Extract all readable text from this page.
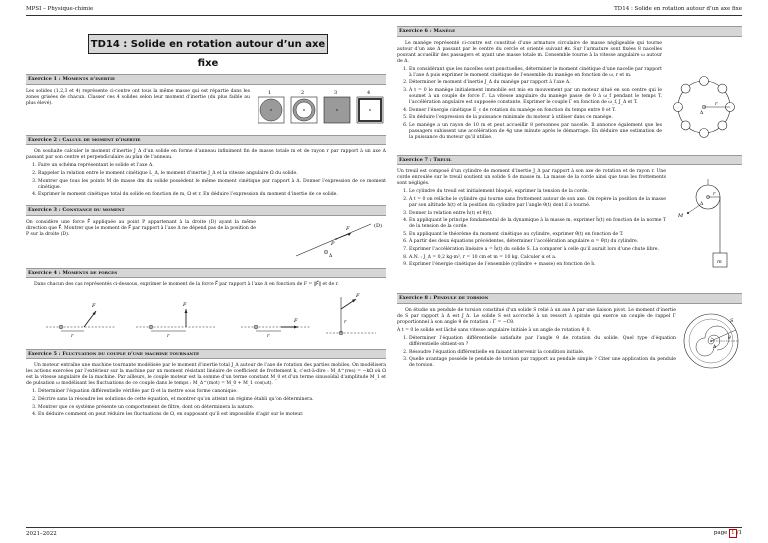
MPSI – Physique-chimie	TD14 : Solide en rotation autour d’un axe fixe
TD14 : Solide en rotation autour d’un axe fixe
Exercice 1 : Moments d’inertie

Les solides (1,2,3 et 4) représente ci-contre ont tous la même masse qui est répartie dans les zones grisées de chacun. Classer ces 4 solides selon leur moment d’inertie (du plus faible au plus élevé).

1	2	3	4
Exercice 2 : Calcul de moment d’inertie

On souhaite calculer le moment d’inertie J_Δ d’un solide en forme d’anneau infiniment fin de masse totale m et de rayon r par rapport à un axe Δ passant par son centre et perpendiculaire au plan de l’anneau.

1. Faire un schéma représentant le solide et l’axe Δ.
2. Rappeler la relation entre le moment cinétique L_Δ, le moment d’inertie J_Δ et la vitesse angulaire Ω du solide.
3. Montrer que tous les points M de masse dm du solide possèdent le même moment cinétique par rapport à Δ. Donner l’expression de ce moment cinétique.
4. Exprimer le moment cinétique total du solide en fonction de m, Ω et r. En déduire l’expression du moment d’inertie de ce solide.
Exercice 3 : Constance du moment

On considère une force F⃗ appliquée au point P appartenant à la droite (D) ayant la même direction que F⃗. Montrer que le moment de F⃗ par rapport à l’axe Δ ne dépend pas de la position de P sur la droite (D).

(D)
F
P
Δ
Exercice 4 : Moments de forces

Dans chacun des cas représentés ci-dessous, exprimer le moment de la force F⃗ par rapport à l’axe Δ en fonction de F = ‖F⃗‖ et de r.

F	F
F
F
r	r	r
r
Exercice 5 : Fluctuation du couple d’une machine tournante

Un moteur entraîne une machine tournante modélisée par le moment d’inertie total J_Δ autour de l’axe de rotation des parties mobiles. On modélisera les actions exercées par l’extérieur sur la machine par un moment résistant linéaire de coefficient de frottement k, c’est-à-dire : M_Δ^(res) = −kΩ où Ω est la vitesse angulaire de la machine. Par ailleurs, le couple moteur est la somme d’un terme constant M_0 et d’un terme sinusoïdal d’amplitude M_1 et de pulsation ω modélisant les fluctuations de ce couple dans le temps : M_Δ^(mot) = M_0 + M_1 cos(ωt).

1. Déterminer l’équation différentielle vérifiée par Ω et la mettre sous forme canonique.
2. Décrire sans la résoudre les solutions de cette équation, et montrer qu’on atteint un régime établi qu’on déterminera.
3. Montrer que ce système présente un comportement de filtre, dont on déterminera la nature.
4. En déduire comment on peut réduire les fluctuations de Ω, en supposant qu’il est impossible d’agir sur le moteur.
Exercice 6 : Manège

Le manège représenté ci-contre est constitué d’une armature circulaire de masse négligeable qui tourne autour d’un axe Δ passant par le centre du cercle et orienté suivant e⃗z. Sur l’armature sont fixées 8 nacelles pouvant accueillir des passagers et ayant une masse totale m. L’ensemble tourne à la vitesse angulaire ω autour de Δ.

1. En considérant que les nacelles sont ponctuelles, déterminer le moment cinétique d’une nacelle par rapport à l’axe Δ puis exprimer le moment cinétique de l’ensemble du manège en fonction de ω, r et m.
2. Déterminer le moment d’inertie J_Δ du manège par rapport à l’axe Δ.
3. À t = 0 le manège initialement immobile est mis en mouvement par un moteur situé en son centre qui le soumet à un couple de force Γ. La vitesse angulaire du manège passe de 0 à ω_f pendant le temps T, l’accélération angulaire est supposée constante. Exprimer le couple Γ en fonction de ω_f, J_Δ et T.
4. Donner l’énergie cinétique E_c de rotation du manège en fonction du temps entre 0 et T.
5. En déduire l’expression de la puissance minimale du moteur à utiliser dans ce manège.
6. Le manège a un rayon de 10 m et peut accueillir 8 personnes par nacelle. Il annonce également que les passagers subissent une accélération de 4g une minute après le démarrage. En déduire une estimation de la puissance du moteur qu’il utilise.
r
Δ
Exercice 7 : Treuil

Un treuil est composé d’un cylindre de moment d’inertie J_Δ par rapport à son axe de rotation et de rayon r. Une corde enroulée sur le treuil soutient un solide S de masse m. La masse de la corde ainsi que tous les frottements sont négligés.

1. Le cylindre du treuil est initialement bloqué, exprimer la tension de la corde.
2. À t = 0 on relâche le cylindre qui tourne sans frottement autour de son axe. On repère la position de la masse par son altitude h(t) et la position du cylindre par l’angle θ(t) dont il a tourné.
3. Donner la relation entre ḣ(t) et θ̇(t).
4. En appliquant le principe fondamental de la dynamique à la masse m, exprimer ḧ(t) en fonction de la norme T de la tension de la corde.
5. En appliquant le théorème du moment cinétique au cylindre, exprimer θ̈(t) en fonction de T.
6. À partir des deux équations précédentes, déterminer l’accélération angulaire α = θ̈(t) du cylindre.
7. Exprimer l’accélération linéaire a = ḧ(t) du solide S. La comparer à celle qu’il aurait lors d’une chute libre.
8. A.N. : J_Δ = 0,2 kg·m², r = 10 cm et m = 10 kg. Calculer α et a.
9. Exprimer l’énergie cinétique de l’ensemble (cylindre + masse) en fonction de ḣ.
M
r
m
Δ
Exercice 8 : Pendule de torsion

On étudie un pendule de torsion constitué d’un solide S relié à un axe Δ par une liaison pivot. Le moment d’inertie de S par rapport à Δ est J_Δ. Le solide S est accroché à un ressort à spirale qui exerce un couple de rappel Γ proportionnel à son angle θ de rotation : Γ = −Cθ.

À t = 0 le solide est lâché sans vitesse angulaire initiale à un angle de rotation θ_0.

1. Déterminer l’équation différentielle satisfaite par l’angle θ de rotation du solide. Quel type d’équation différentielle obtient-on ?
2. Résoudre l’équation différentielle en faisant intervenir la condition initiale.
3. Quelle avantage possède le pendule de torsion par rapport au pendule simple ? Citer une application du pendule de torsion.
S
θ
Δ
2021–2022	page 1 /1
